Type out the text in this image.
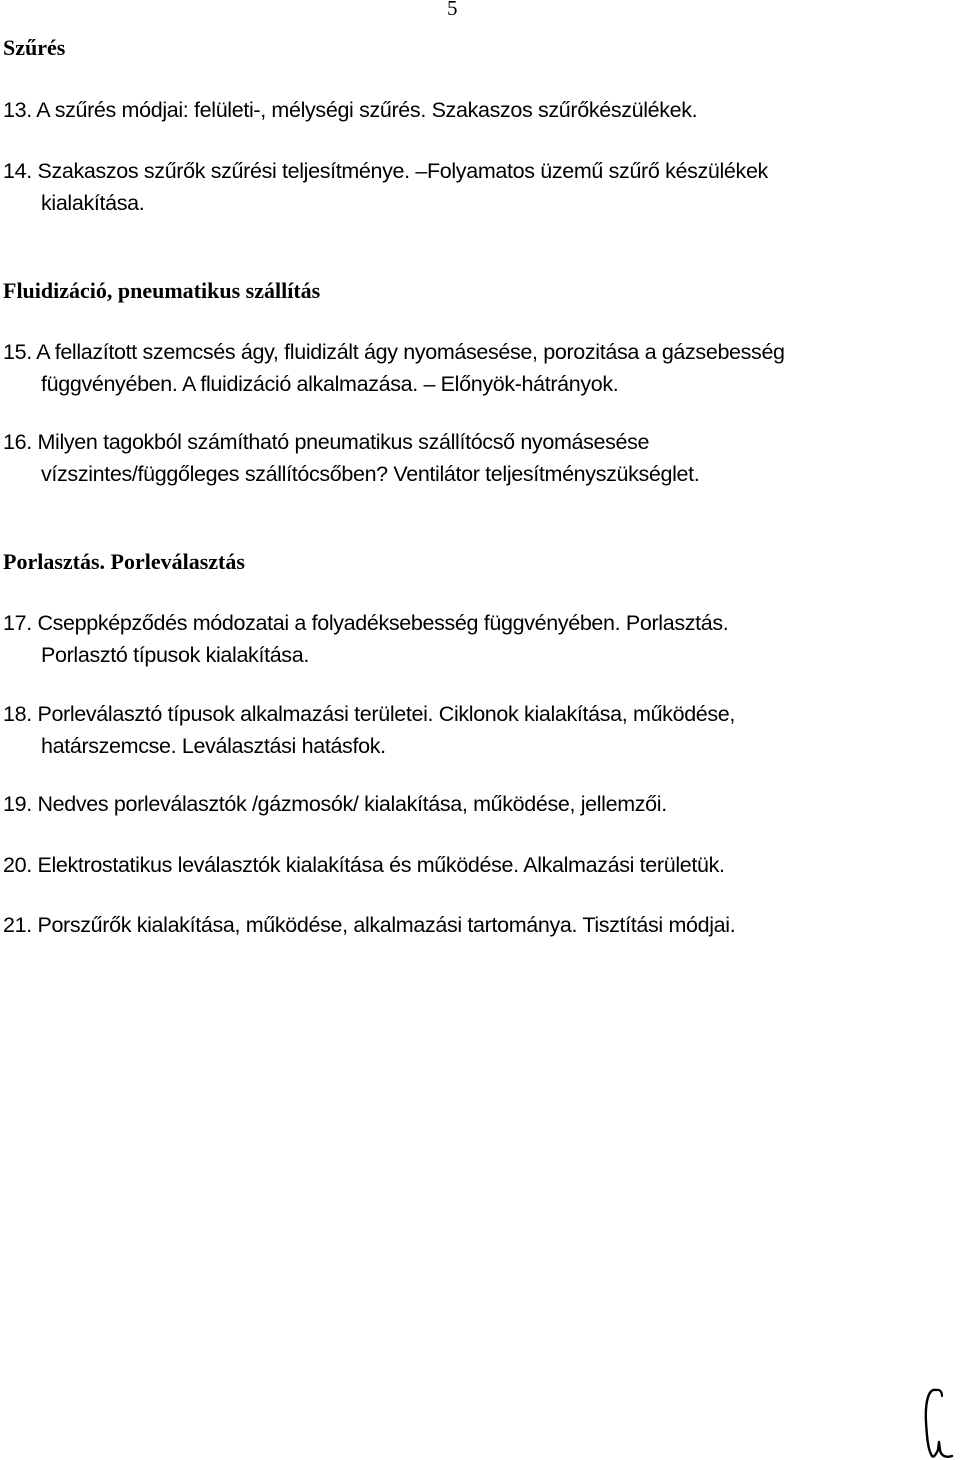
5
Szűrés
13. A szűrés módjai: felületi-, mélységi szűrés. Szakaszos szűrőkészülékek.
14. Szakaszos szűrők szűrési teljesítménye. –Folyamatos üzemű szűrő készülékek
kialakítása.
Fluidizáció, pneumatikus szállítás
15. A fellazított szemcsés ágy, fluidizált ágy nyomásesése, porozitása a gázsebesség
függvényében. A fluidizáció alkalmazása. – Előnyök-hátrányok.
16. Milyen tagokból számítható pneumatikus szállítócső nyomásesése
vízszintes/függőleges szállítócsőben? Ventilátor teljesítményszükséglet.
Porlasztás. Porleválasztás
17. Cseppképződés módozatai a folyadéksebesség függvényében. Porlasztás.
Porlasztó típusok kialakítása.
18. Porleválasztó típusok alkalmazási területei. Ciklonok kialakítása, működése,
határszemcse. Leválasztási hatásfok.
19. Nedves porleválasztók /gázmosók/ kialakítása, működése, jellemzői.
20. Elektrostatikus leválasztók kialakítása és működése. Alkalmazási területük.
21. Porszűrők kialakítása, működése, alkalmazási tartománya. Tisztítási módjai.
